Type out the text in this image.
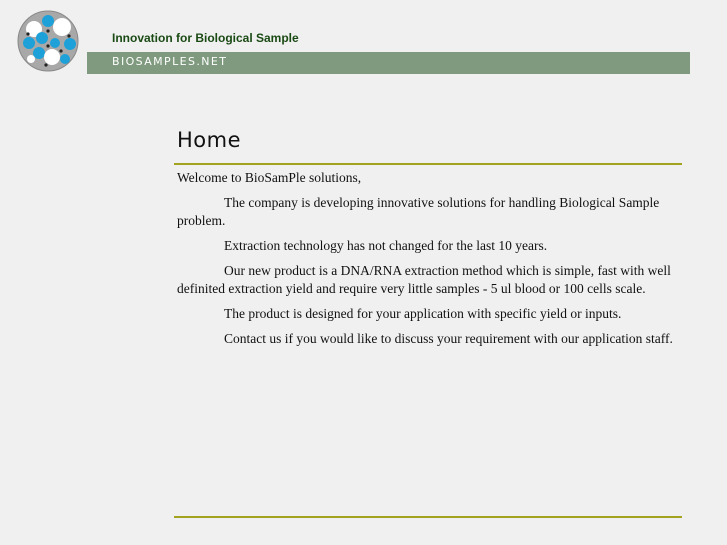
Innovation for Biological Sample
BIOSAMPLES.NET
Home

Welcome to BioSamPle solutions,

The company is developing innovative solutions for handling Biological Sample problem.

Extraction technology has not changed for the last 10 years.

Our new product is a DNA/RNA extraction method which is simple, fast with well definited extraction yield and require very little samples - 5 ul blood or 100 cells scale.

The product is designed for your application with specific yield or inputs.

Contact us if you would like to discuss your requirement with our application staff.
